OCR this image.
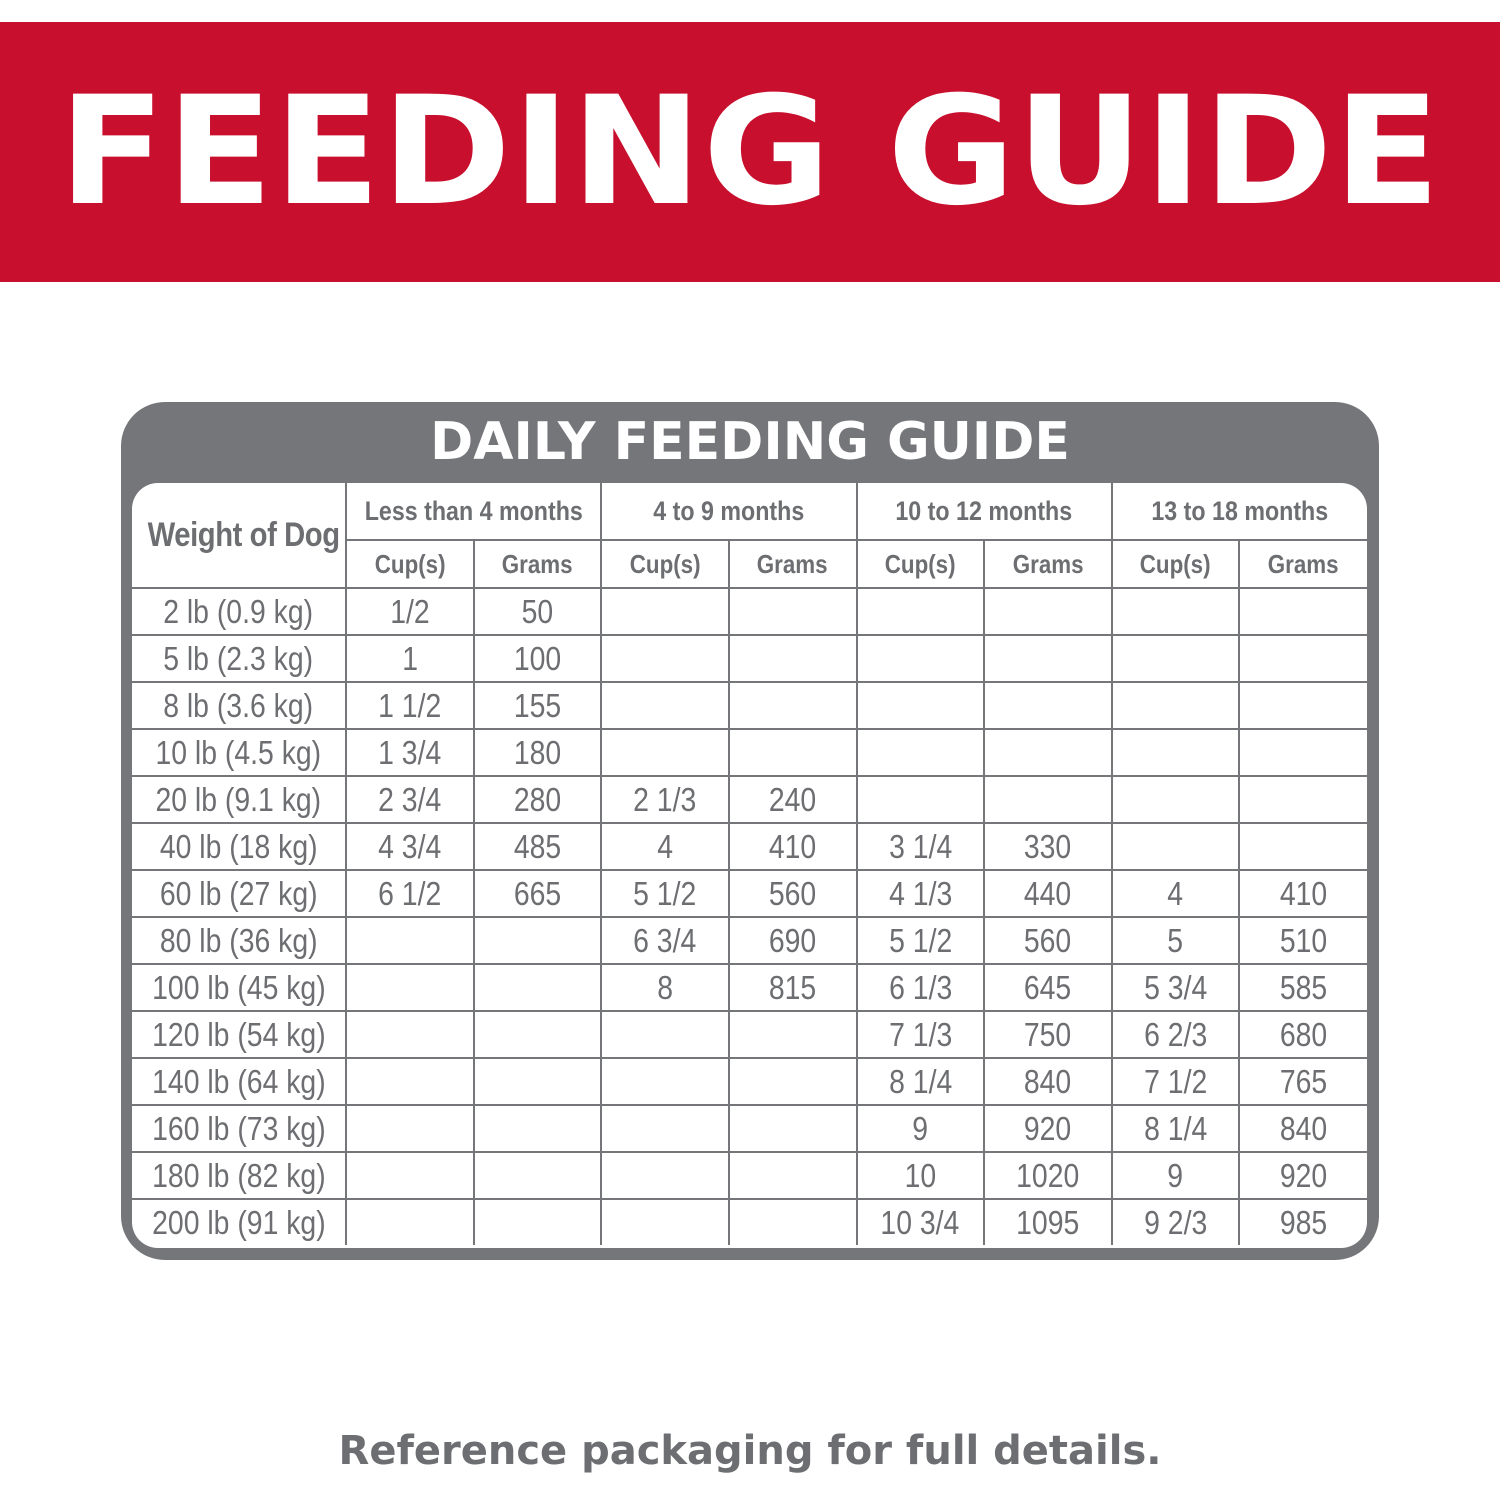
FEEDING GUIDE
DAILY FEEDING GUIDE
Weight of Dog	Less than 4 months		4 to 9 months		10 to 12 months		13 to 18 months	
	Cup(s)	Grams	Cup(s)	Grams	Cup(s)	Grams	Cup(s)	Grams
2 lb (0.9 kg)	1/2	50						
5 lb (2.3 kg)	1	100						
8 lb (3.6 kg)	1 1/2	155						
10 lb (4.5 kg)	1 3/4	180						
20 lb (9.1 kg)	2 3/4	280	2 1/3	240				
40 lb (18 kg)	4 3/4	485	4	410	3 1/4	330		
60 lb (27 kg)	6 1/2	665	5 1/2	560	4 1/3	440	4	410
80 lb (36 kg)			6 3/4	690	5 1/2	560	5	510
100 lb (45 kg)			8	815	6 1/3	645	5 3/4	585
120 lb (54 kg)					7 1/3	750	6 2/3	680
140 lb (64 kg)					8 1/4	840	7 1/2	765
160 lb (73 kg)					9	920	8 1/4	840
180 lb (82 kg)					10	1020	9	920
200 lb (91 kg)					10 3/4	1095	9 2/3	985
Reference packaging for full details.
